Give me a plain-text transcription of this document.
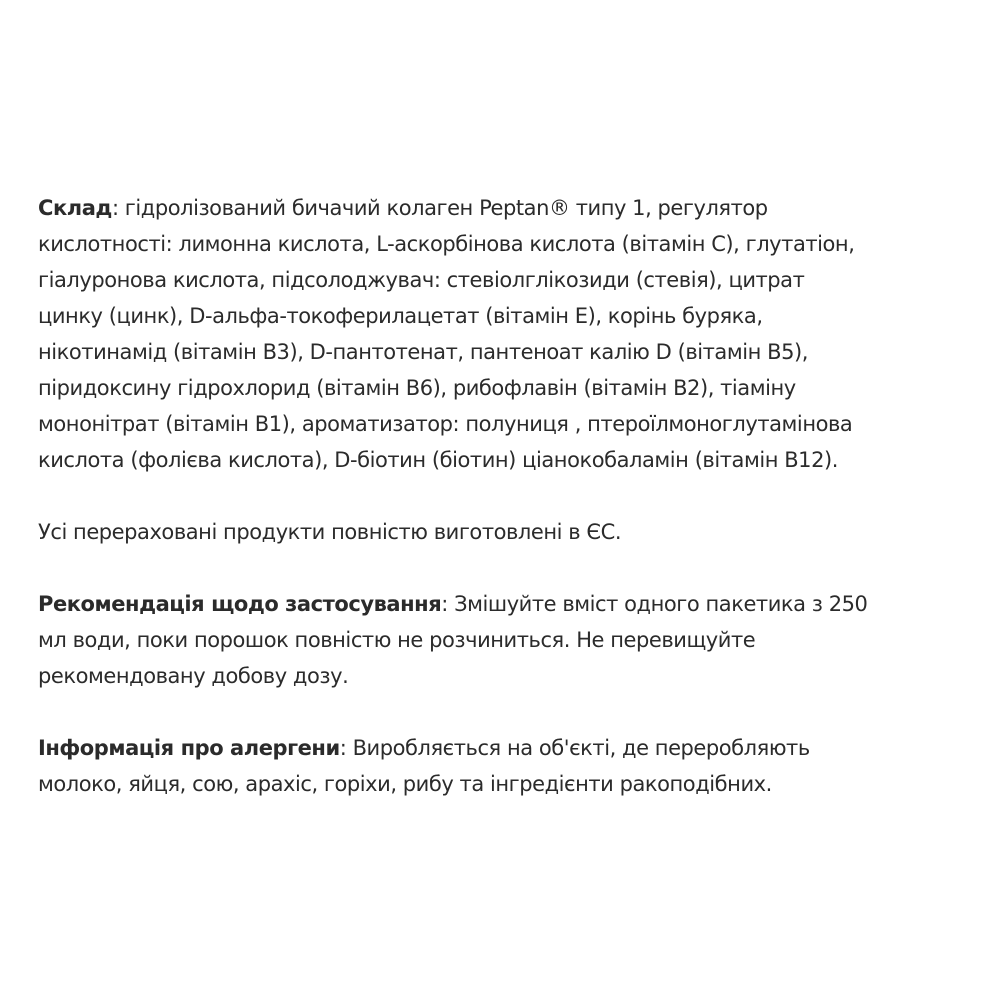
Склад: гідролізований бичачий колаген Peptan® типу 1, регулятор
кислотності: лимонна кислота, L-аскорбінова кислота (вітамін С), глутатіон,
гіалуронова кислота, підсолоджувач: стевіолглікозиди (стевія), цитрат
цинку (цинк), D-альфа-токоферилацетат (вітамін Е), корінь буряка,
нікотинамід (вітамін В3), D-пантотенат, пантеноат калію D (вітамін В5),
піридоксину гідрохлорид (вітамін В6), рибофлавін (вітамін В2), тіаміну
мононітрат (вітамін В1), ароматизатор: полуниця , птероїлмоноглутамінова
кислота (фолієва кислота), D-біотин (біотин) ціанокобаламін (вітамін В12).
Усі перераховані продукти повністю виготовлені в ЄС.
Рекомендація щодо застосування: Змішуйте вміст одного пакетика з 250
мл води, поки порошок повністю не розчиниться. Не перевищуйте
рекомендовану добову дозу.
Інформація про алергени: Виробляється на об'єкті, де переробляють
молоко, яйця, сою, арахіс, горіхи, рибу та інгредієнти ракоподібних.
